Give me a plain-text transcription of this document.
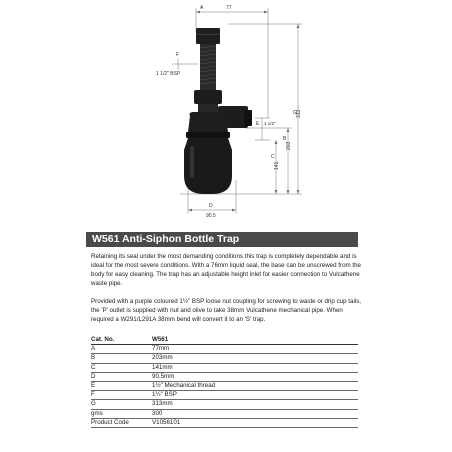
A	77
F
1 1/2" BSP
E 1 1/2"
B
203
C
141
G 313
D
90.5
W561 Anti-Siphon Bottle Trap

Retaining its seal under the most demanding conditions this trap is completely dependable and is ideal for the most severe conditions. With a 76mm liquid seal, the base can be unscrewed from the body for easy cleaning. The trap has an adjustable height inlet for easier connection to Vulcathene waste pipe.

Provided with a purple coloured 1½" BSP loose nut coupling for screwing to waste or drip cup tails, the 'P' outlet is supplied with nut and olive to take 38mm Vulcathene mechanical pipe. When required a W291/L291A 38mm bend will convert it to an 'S' trap.

Cat. No.	W561
A	77mm
B	203mm
C	141mm
D	90.5mm
E	1½" Mechanical thread
F	1½" BSP
G	313mm
gms	300
Product Code	V1056101
